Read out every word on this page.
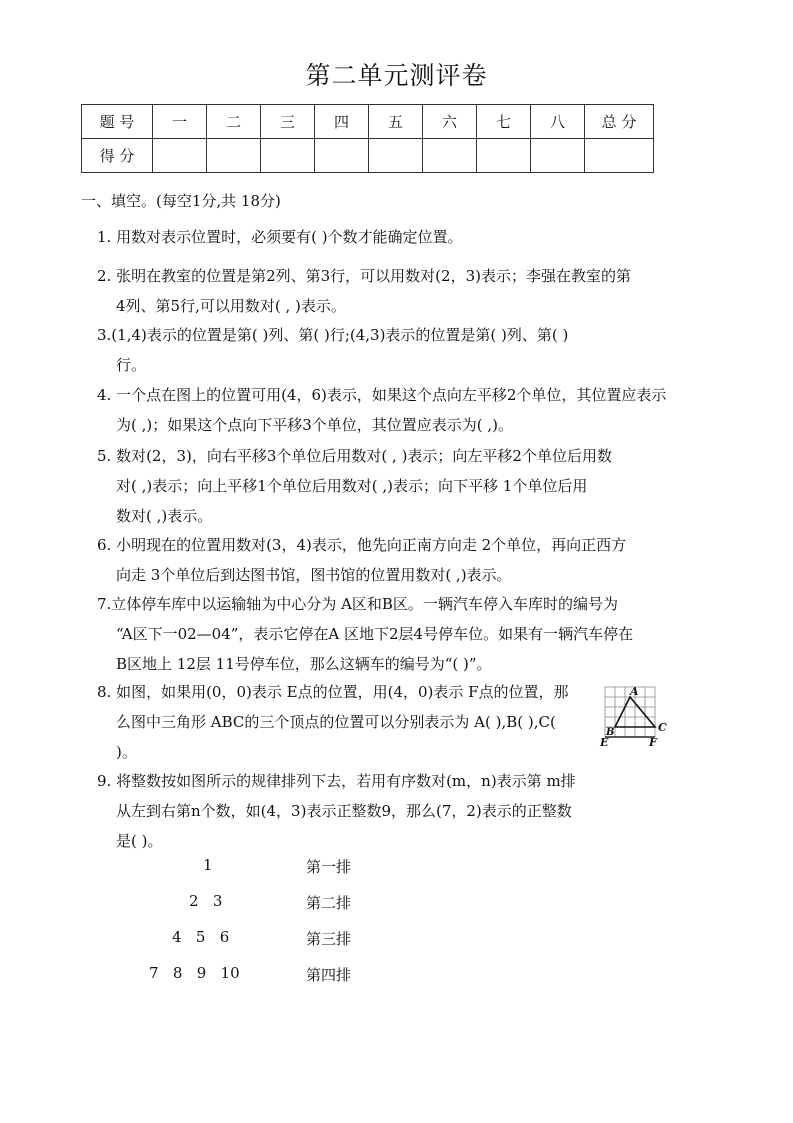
第二单元测评卷
题 号	一	二	三	四	五	六	七	八	总 分
得 分									
一、填空。(每空1分,共 18分)
1. 用数对表示位置时，必须要有( )个数才能确定位置。
2. 张明在教室的位置是第2列、第3行，可以用数对(2，3)表示；李强在教室的第
4列、第5行,可以用数对( , )表示。
3.(1,4)表示的位置是第( )列、第( )行;(4,3)表示的位置是第( )列、第( )
行。
4. 一个点在图上的位置可用(4，6)表示，如果这个点向左平移2个单位，其位置应表示
为( ,)；如果这个点向下平移3个单位，其位置应表示为( ,)。
5. 数对(2，3)，向右平移3个单位后用数对( , )表示；向左平移2个单位后用数
对( ,)表示；向上平移1个单位后用数对( ,)表示；向下平移 1个单位后用
数对( ,)表示。
6. 小明现在的位置用数对(3，4)表示，他先向正南方向走 2个单位，再向正西方
向走 3个单位后到达图书馆，图书馆的位置用数对( ,)表示。
7.立体停车库中以运输轴为中心分为 A区和B区。一辆汽车停入车库时的编号为
“A区下一02—04”，表示它停在A 区地下2层4号停车位。如果有一辆汽车停在
B区地上 12层 11号停车位，那么这辆车的编号为“( )”。
8. 如图，如果用(0，0)表示 E点的位置，用(4，0)表示 F点的位置，那
么图中三角形 ABC的三个顶点的位置可以分别表示为 A( ),B( ),C(
)。
A
B	C
E	F
9. 将整数按如图所示的规律排列下去，若用有序数对(m，n)表示第 m排
从左到右第n个数，如(4，3)表示正整数9，那么(7，2)表示的正整数
是( )。
1	第一排
2   3	第二排
4   5   6	第三排
7   8   9   10	第四排
